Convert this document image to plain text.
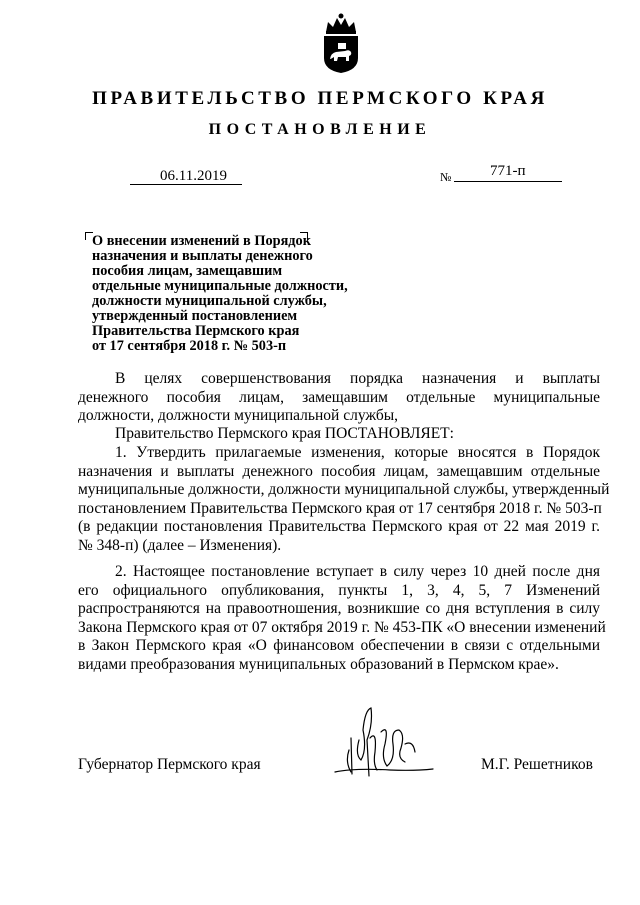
ПРАВИТЕЛЬСТВО ПЕРМСКОГО КРАЯ
ПОСТАНОВЛЕНИЕ
06.11.2019	№	771-п
О внесении изменений в Порядок
назначения и выплаты денежного
пособия лицам, замещавшим
отдельные муниципальные должности,
должности муниципальной службы,
утвержденный постановлением
Правительства Пермского края
от 17 сентября 2018 г. № 503-п
В целях совершенствования порядка назначения и выплаты
денежного пособия лицам, замещавшим отдельные муниципальные
должности, должности муниципальной службы,
Правительство Пермского края ПОСТАНОВЛЯЕТ:
1. Утвердить прилагаемые изменения, которые вносятся в Порядок
назначения и выплаты денежного пособия лицам, замещавшим отдельные
муниципальные должности, должности муниципальной службы, утвержденный
постановлением Правительства Пермского края от 17 сентября 2018 г. № 503-п
(в редакции постановления Правительства Пермского края от 22 мая 2019 г.
№ 348-п) (далее – Изменения).
2. Настоящее постановление вступает в силу через 10 дней после дня
его официального опубликования, пункты 1, 3, 4, 5, 7 Изменений
распространяются на правоотношения, возникшие со дня вступления в силу
Закона Пермского края от 07 октября 2019 г. № 453-ПК «О внесении изменений
в Закон Пермского края «О финансовом обеспечении в связи с отдельными
видами преобразования муниципальных образований в Пермском крае».
Губернатор Пермского края	М.Г. Решетников
